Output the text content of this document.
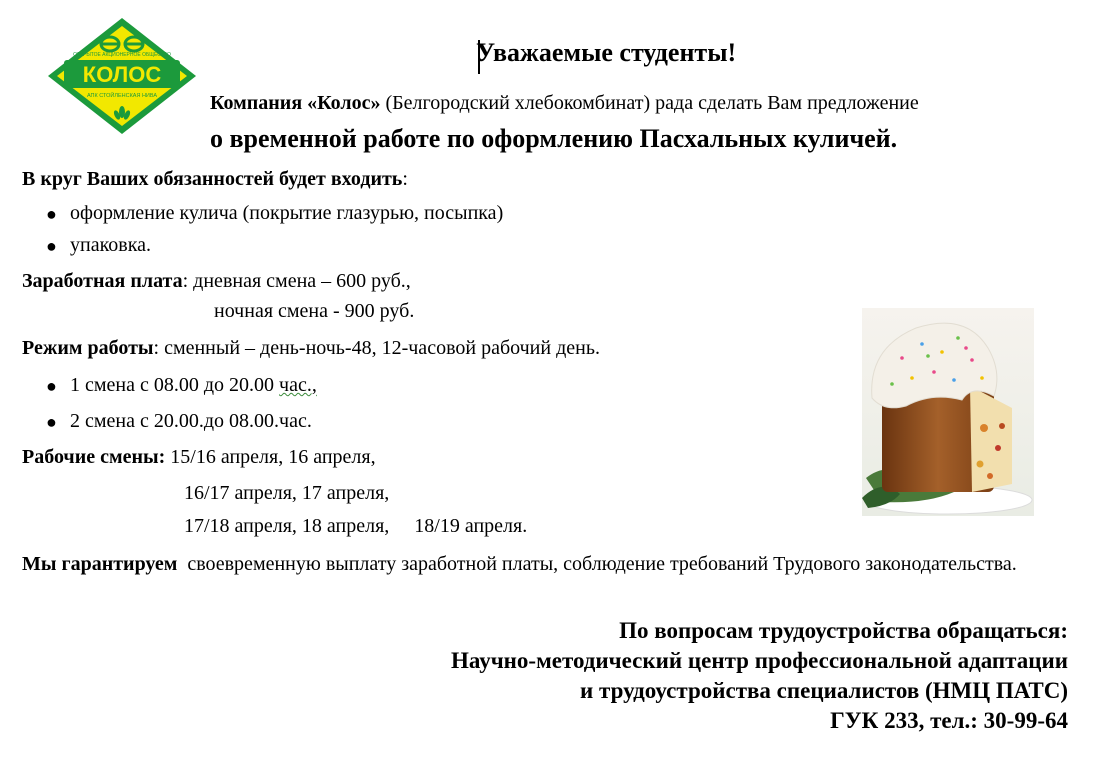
КОЛОС
ОТКРЫТОЕ АКЦИОНЕРНОЕ ОБЩЕСТВО
АПК СТОЙЛЕНСКАЯ НИВА
Уважаемые студенты!
Компания «Колос» (Белгородский хлебокомбинат) рада сделать Вам предложение
о временной работе по оформлению Пасхальных куличей.
В круг Ваших обязанностей будет входить:
● оформление кулича (покрытие глазурью, посыпка)
● упаковка.
Заработная плата: дневная смена – 600 руб.,
ночная смена - 900 руб.
Режим работы: сменный – день-ночь-48, 12-часовой рабочий день.
● 1 смена с 08.00 до 20.00 час.,
● 2 смена с 20.00.до 08.00.час.
Рабочие смены: 15/16 апреля, 16 апреля,
16/17 апреля, 17 апреля,
17/18 апреля, 18 апреля,     18/19 апреля.
Мы гарантируем своевременную выплату заработной платы, соблюдение требований Трудового законодательства.
По вопросам трудоустройства обращаться:
Научно-методический центр профессиональной адаптации
и трудоустройства специалистов (НМЦ ПАТС)
ГУК 233, тел.: 30-99-64
